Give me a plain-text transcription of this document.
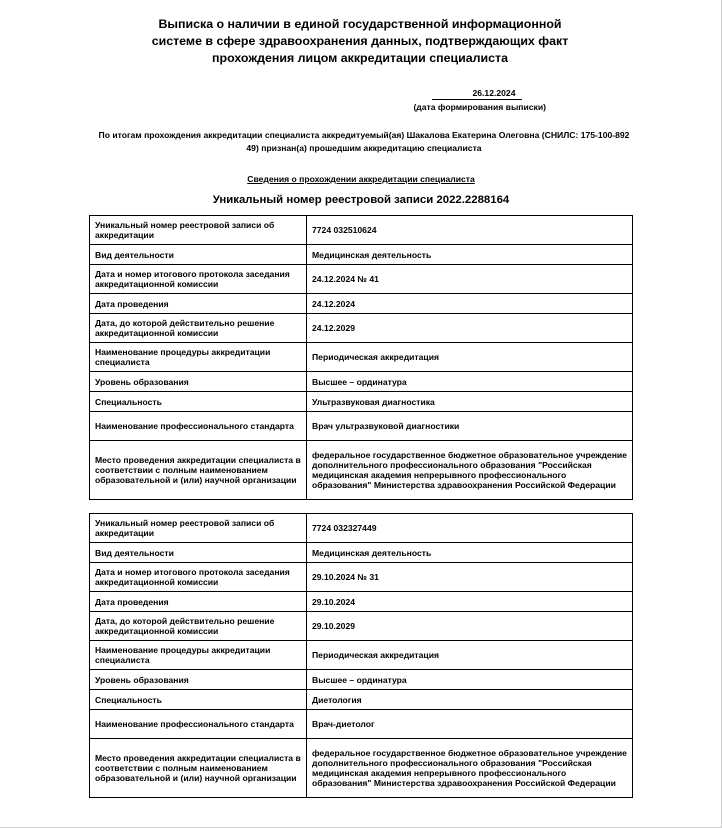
Выписка о наличии в единой государственной информационной
системе в сфере здравоохранения данных, подтверждающих факт
прохождения лицом аккредитации специалиста
26.12.2024
(дата формирования выписки)
По итогам прохождения аккредитации специалиста аккредитуемый(ая) Шакалова Екатерина Олеговна (СНИЛС: 175-100-892 49) признан(а) прошедшим аккредитацию специалиста
Сведения о прохождении аккредитации специалиста
Уникальный номер реестровой записи 2022.2288164
Уникальный номер реестровой записи об аккредитации	7724 032510624
Вид деятельности	Медицинская деятельность
Дата и номер итогового протокола заседания аккредитационной комиссии	24.12.2024 № 41
Дата проведения	24.12.2024
Дата, до которой действительно решение аккредитационной комиссии	24.12.2029
Наименование процедуры аккредитации специалиста	Периодическая аккредитация
Уровень образования	Высшее – ординатура
Специальность	Ультразвуковая диагностика
Наименование профессионального стандарта	Врач ультразвуковой диагностики
Место проведения аккредитации специалиста в соответствии с полным наименованием образовательной и (или) научной организации	федеральное государственное бюджетное образовательное учреждение дополнительного профессионального образования "Российская медицинская академия непрерывного профессионального образования" Министерства здравоохранения Российской Федерации
Уникальный номер реестровой записи об аккредитации	7724 032327449
Вид деятельности	Медицинская деятельность
Дата и номер итогового протокола заседания аккредитационной комиссии	29.10.2024 № 31
Дата проведения	29.10.2024
Дата, до которой действительно решение аккредитационной комиссии	29.10.2029
Наименование процедуры аккредитации специалиста	Периодическая аккредитация
Уровень образования	Высшее – ординатура
Специальность	Диетология
Наименование профессионального стандарта	Врач-диетолог
Место проведения аккредитации специалиста в соответствии с полным наименованием образовательной и (или) научной организации	федеральное государственное бюджетное образовательное учреждение дополнительного профессионального образования "Российская медицинская академия непрерывного профессионального образования" Министерства здравоохранения Российской Федерации
